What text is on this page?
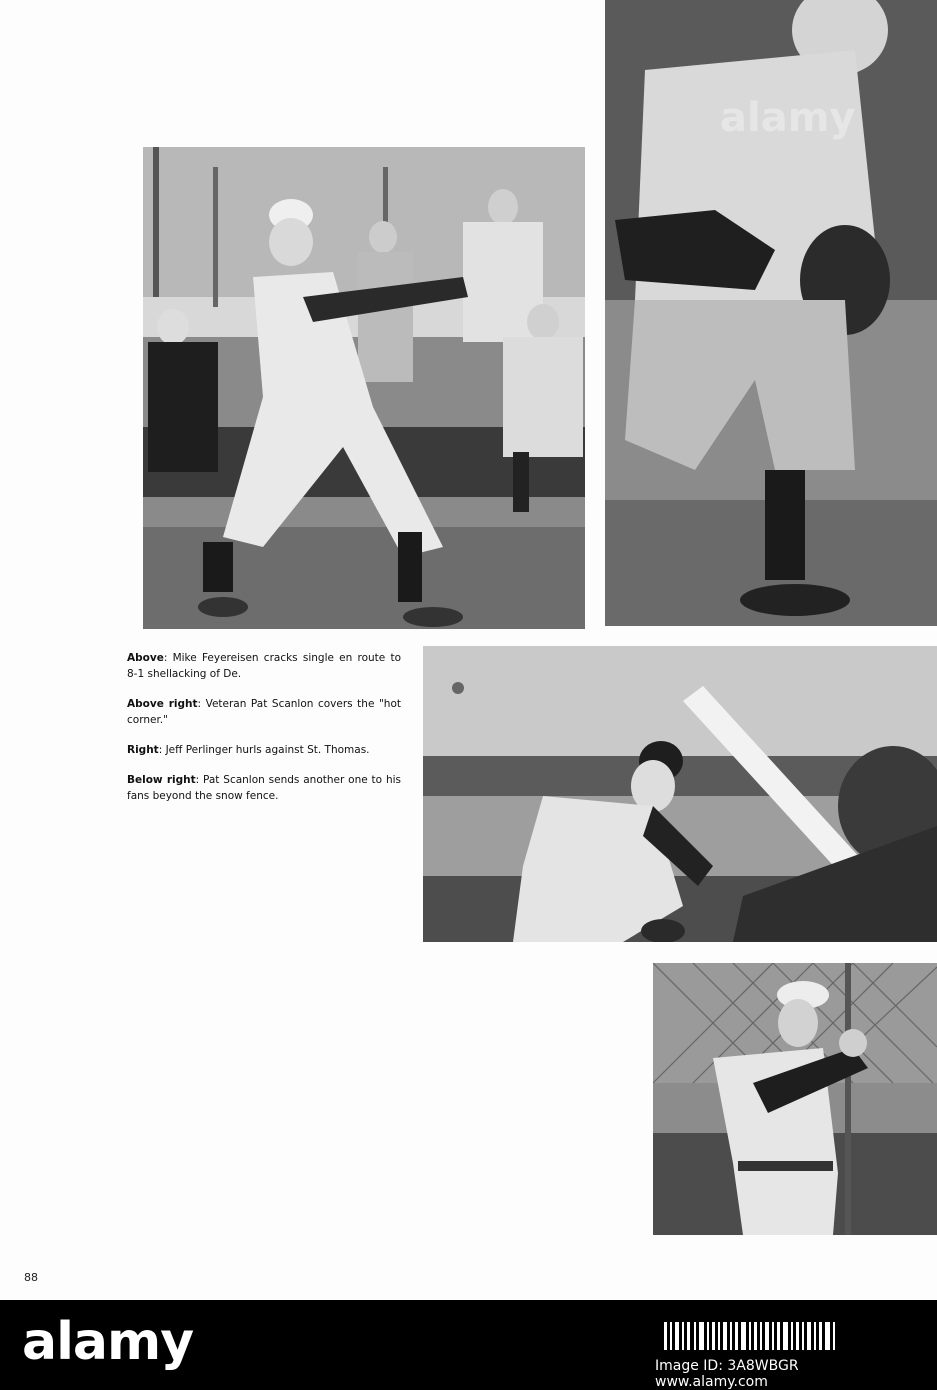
alamy

Above: Mike Feyereisen cracks single en route to 8-1 shellacking of De.

Above right: Veteran Pat Scanlon covers the "hot corner."

Right: Jeff Perlinger hurls against St. Thomas.

Below right: Pat Scanlon sends another one to his fans beyond the snow fence.

88
alamy	Image ID: 3A8WBGR
www.alamy.com
